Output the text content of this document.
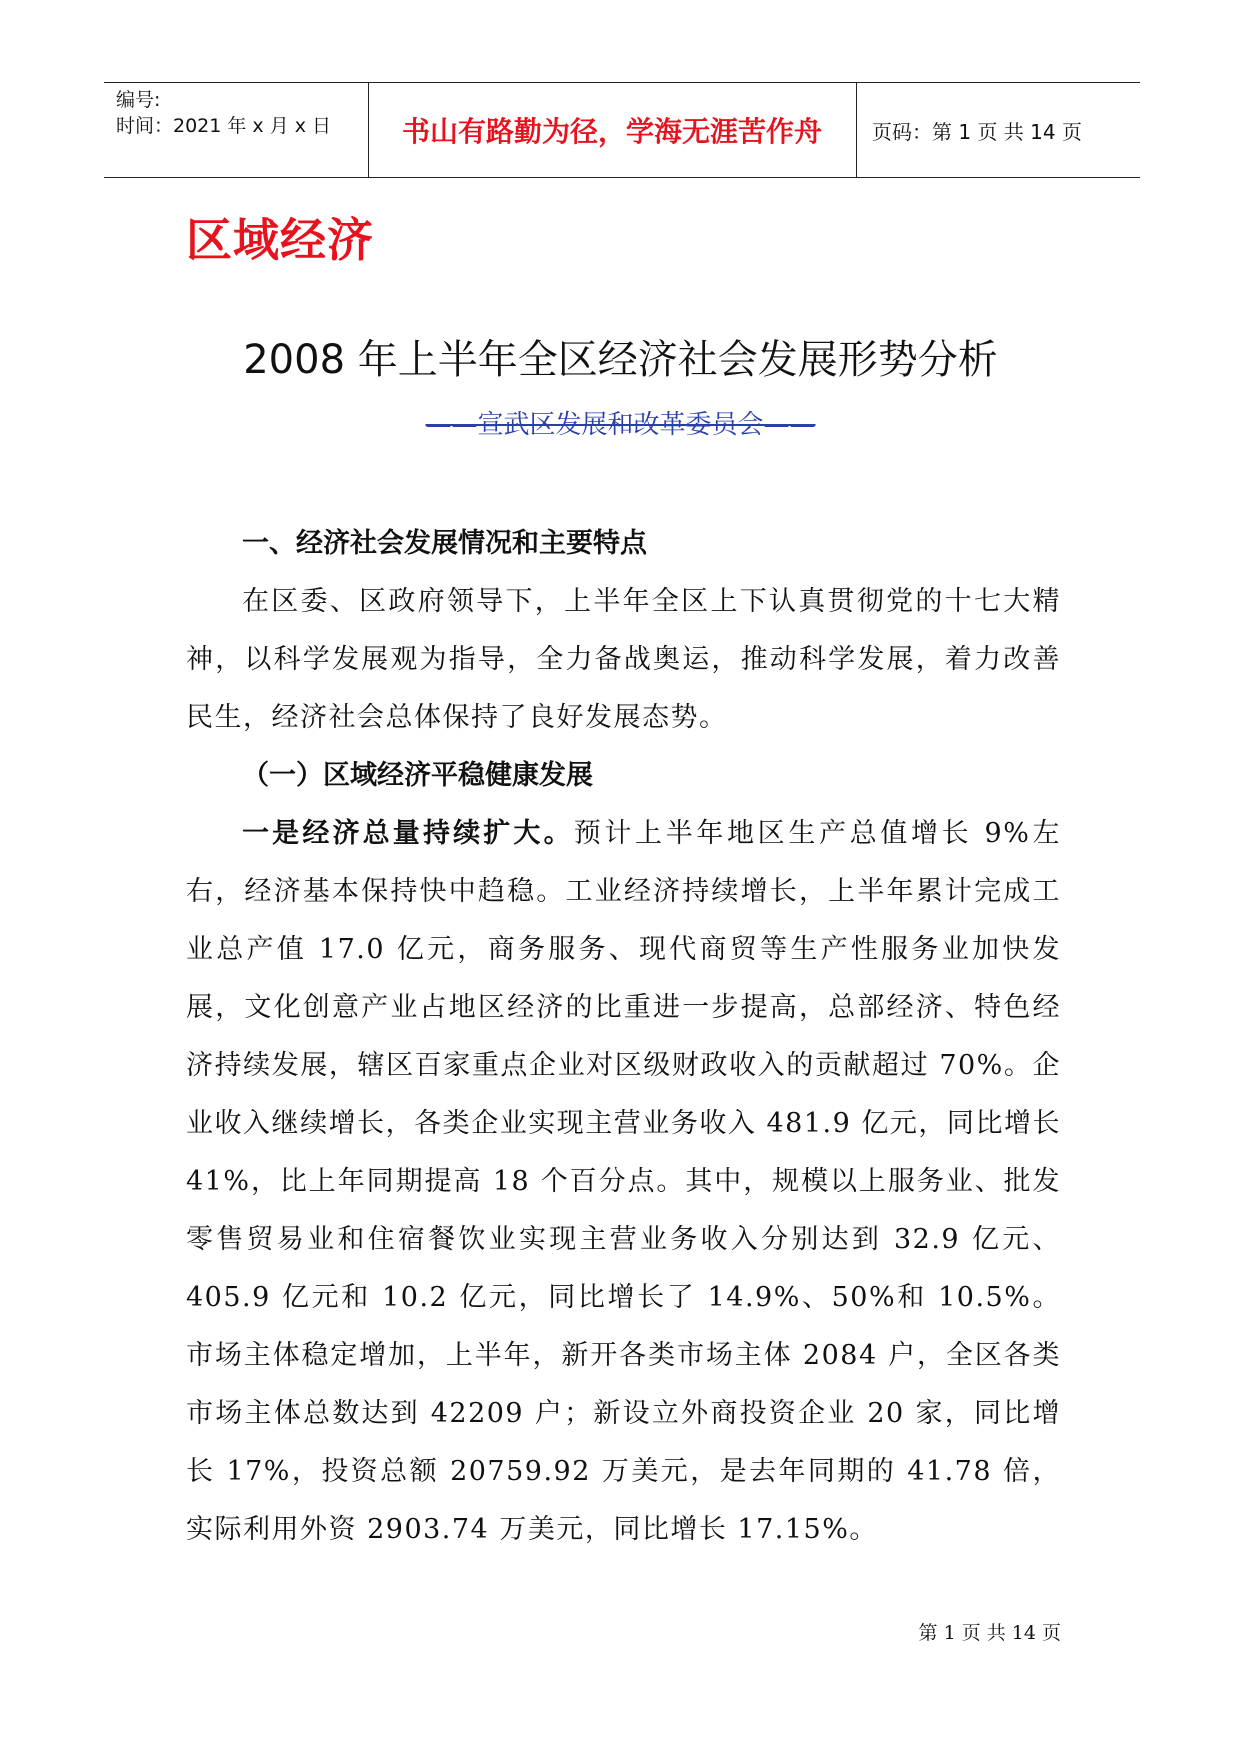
编号:
时间：2021 年 x 月 x 日	书山有路勤为径，学海无涯苦作舟	页码：第 1 页 共 14 页
区域经济
2008 年上半年全区经济社会发展形势分析
——宣武区发展和改革委员会——
一、经济社会发展情况和主要特点
在区委、区政府领导下，上半年全区上下认真贯彻党的十七大精神，以科学发展观为指导，全力备战奥运，推动科学发展，着力改善民生，经济社会总体保持了良好发展态势。
（一）区域经济平稳健康发展
一是经济总量持续扩大。预计上半年地区生产总值增长 9%左右，经济基本保持快中趋稳。工业经济持续增长，上半年累计完成工业总产值 17.0 亿元，商务服务、现代商贸等生产性服务业加快发展，文化创意产业占地区经济的比重进一步提高，总部经济、特色经济持续发展，辖区百家重点企业对区级财政收入的贡献超过 70%。企业收入继续增长，各类企业实现主营业务收入 481.9 亿元，同比增长 41%，比上年同期提高 18 个百分点。其中，规模以上服务业、批发零售贸易业和住宿餐饮业实现主营业务收入分别达到 32.9 亿元、405.9 亿元和 10.2 亿元，同比增长了 14.9%、50%和 10.5%。市场主体稳定增加，上半年，新开各类市场主体 2084 户，全区各类市场主体总数达到 42209 户；新设立外商投资企业 20 家，同比增长 17%，投资总额 20759.92 万美元，是去年同期的 41.78 倍，实际利用外资 2903.74 万美元，同比增长 17.15%。
第 1 页 共 14 页
